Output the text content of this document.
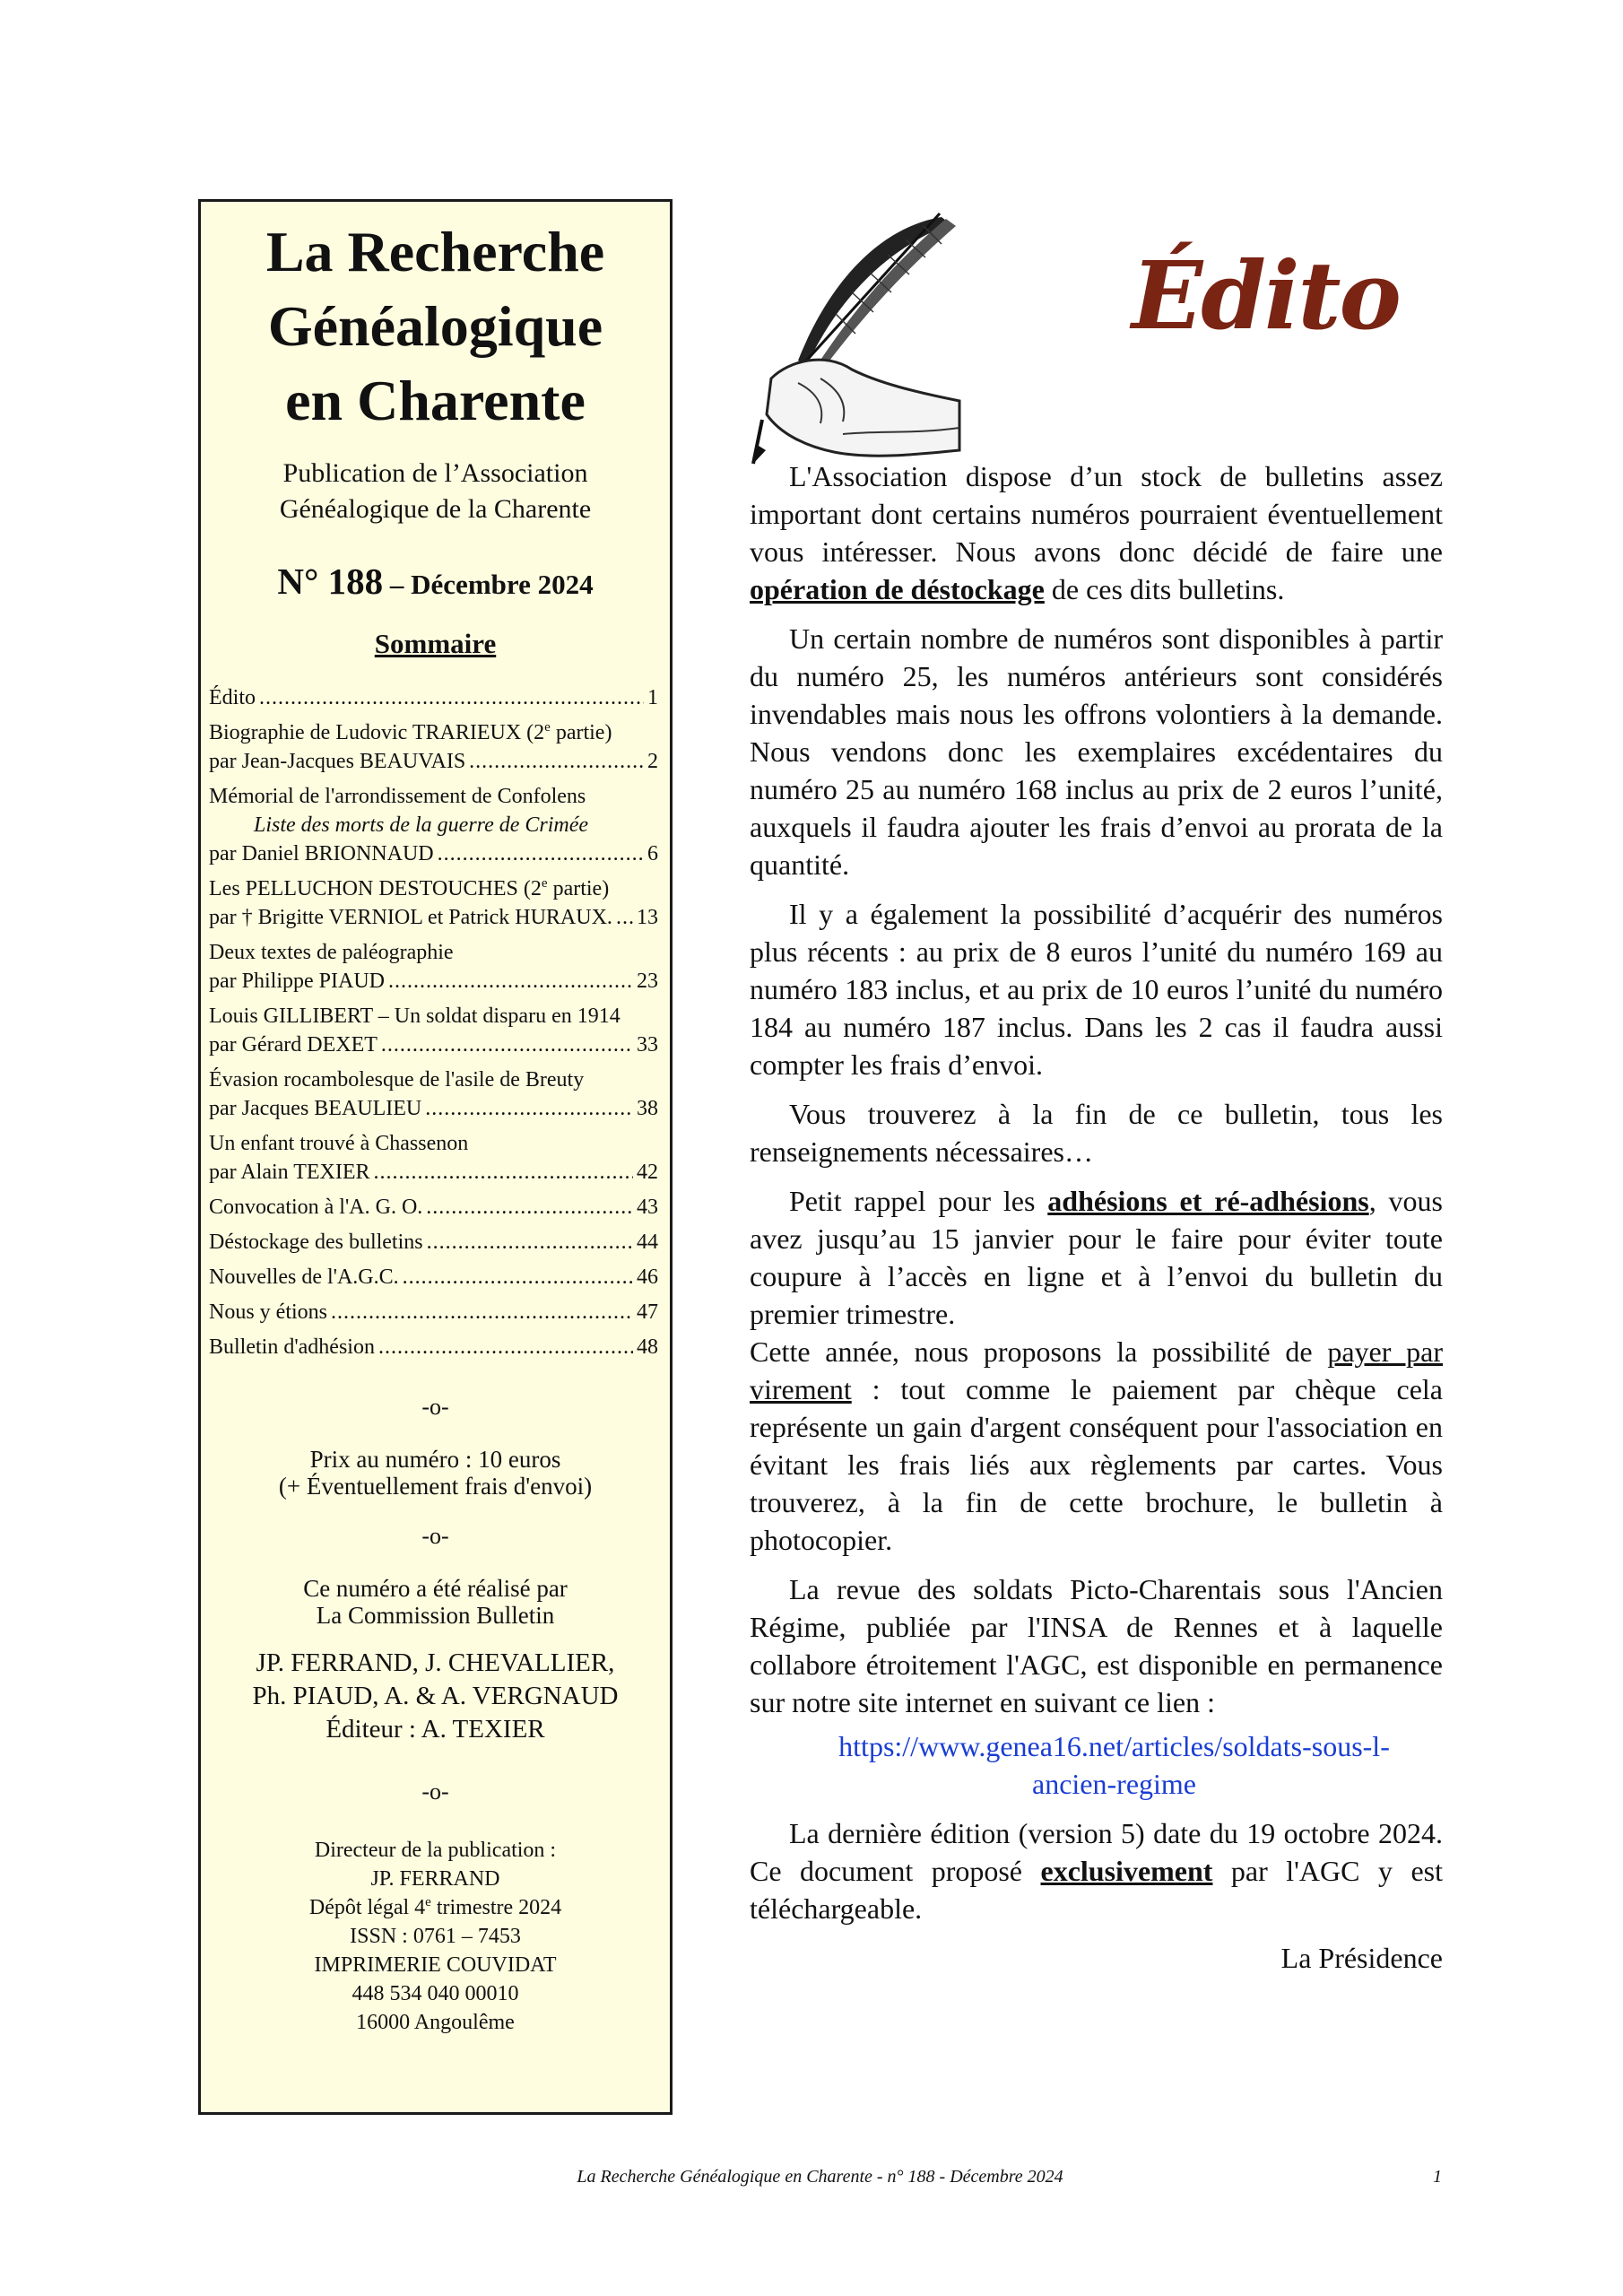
La Recherche
Généalogique
en Charente
Publication de l’Association
Généalogique de la Charente
N° 188 – Décembre 2024
Sommaire
Édito .....	1
Biographie de Ludovic TRARIEUX (2e partie)
par Jean-Jacques BEAUVAIS .....	2
Mémorial de l'arrondissement de Confolens
Liste des morts de la guerre de Crimée
par Daniel BRIONNAUD .....	6
Les PELLUCHON DESTOUCHES (2e partie)
par † Brigitte VERNIOL et Patrick HURAUX. ..... 13
Deux textes de paléographie
par Philippe PIAUD .....	23
Louis GILLIBERT – Un soldat disparu en 1914
par Gérard DEXET .....	33
Évasion rocambolesque de l'asile de Breuty
par Jacques BEAULIEU .....	38
Un enfant trouvé à Chassenon
par Alain TEXIER .....	42
Convocation à l'A. G. O. .....	43
Déstockage des bulletins .....	44
Nouvelles de l'A.G.C. .....	46
Nous y étions .....	47
Bulletin d'adhésion .....	48
-o-
Prix au numéro : 10 euros
(+ Éventuellement frais d'envoi)
-o-
Ce numéro a été réalisé par
La Commission Bulletin
JP. FERRAND, J. CHEVALLIER,
Ph. PIAUD, A. & A. VERGNAUD
Éditeur : A. TEXIER
-o-
Directeur de la publication :
JP. FERRAND
Dépôt légal 4e trimestre 2024
ISSN : 0761 – 7453
IMPRIMERIE COUVIDAT
448 534 040 00010
16000 Angoulême
Édito

L'Association dispose d’un stock de bulletins assez important dont certains numéros pourraient éventuellement vous intéresser. Nous avons donc décidé de faire une opération de déstockage de ces dits bulletins.

Un certain nombre de numéros sont disponibles à partir du numéro 25, les numéros antérieurs sont considérés invendables mais nous les offrons volontiers à la demande. Nous vendons donc les exemplaires excédentaires du numéro 25 au numéro 168 inclus au prix de 2 euros l’unité, auxquels il faudra ajouter les frais d’envoi au prorata de la quantité.

Il y a également la possibilité d’acquérir des numéros plus récents : au prix de 8 euros l’unité du numéro 169 au numéro 183 inclus, et au prix de 10 euros l’unité du numéro 184 au numéro 187 inclus. Dans les 2 cas il faudra aussi compter les frais d’envoi.

Vous trouverez à la fin de ce bulletin, tous les renseignements nécessaires…

Petit rappel pour les adhésions et ré-adhésions, vous avez jusqu’au 15 janvier pour le faire pour éviter toute coupure à l’accès en ligne et à l’envoi du bulletin du premier trimestre.

Cette année, nous proposons la possibilité de payer par virement : tout comme le paiement par chèque cela représente un gain d'argent conséquent pour l'association en évitant les frais liés aux règlements par cartes. Vous trouverez, à la fin de cette brochure, le bulletin à photocopier.

La revue des soldats Picto-Charentais sous l'Ancien Régime, publiée par l'INSA de Rennes et à laquelle collabore étroitement l'AGC, est disponible en permanence sur notre site internet en suivant ce lien :

https://www.genea16.net/articles/soldats-sous-l-
ancien-regime

La dernière édition (version 5) date du 19 octobre 2024. Ce document proposé exclusivement par l'AGC y est téléchargeable.

La Présidence

La Recherche Généalogique en Charente - n° 188 - Décembre 2024	1
